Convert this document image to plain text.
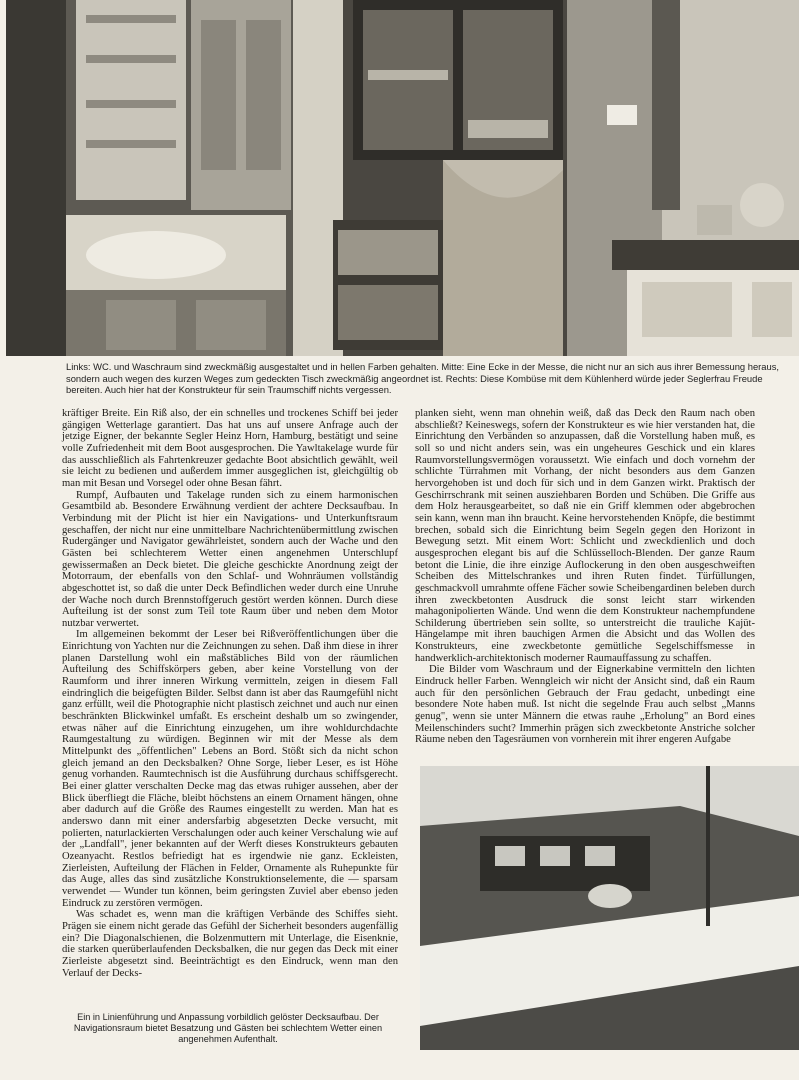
Links: WC. und Waschraum sind zweckmäßig ausgestaltet und in hellen Farben gehalten. Mitte: Eine Ecke in der Messe, die nicht nur an sich aus ihrer Bemessung heraus, sondern auch wegen des kurzen Weges zum gedeckten Tisch zweckmäßig angeordnet ist. Rechts: Diese Kombüse mit dem Kühlenherd würde jeder Seglerfrau Freude bereiten. Auch hier hat der Konstrukteur für sein Traumschiff nichts vergessen.

kräftiger Breite. Ein Riß also, der ein schnelles und trockenes Schiff bei jeder gängigen Wetterlage garantiert. Das hat uns auf unsere Anfrage auch der jetzige Eigner, der bekannte Segler Heinz Horn, Hamburg, bestätigt und seine volle Zufriedenheit mit dem Boot ausgesprochen. Die Yawltakelage wurde für das ausschließlich als Fahrtenkreuzer gedachte Boot absichtlich gewählt, weil sie leicht zu bedienen und außerdem immer ausgeglichen ist, gleichgültig ob man mit Besan und Vorsegel oder ohne Besan fährt.

Rumpf, Aufbauten und Takelage runden sich zu einem harmonischen Gesamtbild ab. Besondere Erwähnung verdient der achtere Decksaufbau. In Verbindung mit der Plicht ist hier ein Navigations- und Unterkunftsraum geschaffen, der nicht nur eine unmittelbare Nachrichtenübermittlung zwischen Rudergänger und Navigator gewährleistet, sondern auch der Wache und den Gästen bei schlechterem Wetter einen angenehmen Unterschlupf gewissermaßen an Deck bietet. Die gleiche geschickte Anordnung zeigt der Motorraum, der ebenfalls von den Schlaf- und Wohnräumen vollständig abgeschottet ist, so daß die unter Deck Befindlichen weder durch eine Unruhe der Wache noch durch Brennstoffgeruch gestört werden können. Durch diese Aufteilung ist der sonst zum Teil tote Raum über und neben dem Motor nutzbar verwertet.

Im allgemeinen bekommt der Leser bei Rißveröffentlichungen über die Einrichtung von Yachten nur die Zeichnungen zu sehen. Daß ihm diese in ihrer planen Darstellung wohl ein maßstäbliches Bild von der räumlichen Aufteilung des Schiffskörpers geben, aber keine Vorstellung von der Raumform und ihrer inneren Wirkung vermitteln, zeigen in diesem Fall eindringlich die beigefügten Bilder. Selbst dann ist aber das Raumgefühl nicht ganz erfüllt, weil die Photographie nicht plastisch zeichnet und auch nur einen beschränkten Blickwinkel umfaßt. Es erscheint deshalb um so zwingender, etwas näher auf die Einrichtung einzugehen, um ihre wohldurchdachte Raumgestaltung zu würdigen. Beginnen wir mit der Messe als dem Mittelpunkt des „öffentlichen" Lebens an Bord. Stößt sich da nicht schon gleich jemand an den Decksbalken? Ohne Sorge, lieber Leser, es ist Höhe genug vorhanden. Raumtechnisch ist die Ausführung durchaus schiffsgerecht. Bei einer glatter verschalten Decke mag das etwas ruhiger aussehen, aber der Blick überfliegt die Fläche, bleibt höchstens an einem Ornament hängen, ohne aber dadurch auf die Größe des Raumes eingestellt zu werden. Man hat es anderswo dann mit einer andersfarbig abgesetzten Decke versucht, mit polierten, naturlackierten Verschalungen oder auch keiner Verschalung wie auf der „Landfall", jener bekannten auf der Werft dieses Konstrukteurs gebauten Ozeanyacht. Restlos befriedigt hat es irgendwie nie ganz. Eckleisten, Zierleisten, Aufteilung der Flächen in Felder, Ornamente als Ruhepunkte für das Auge, alles das sind zusätzliche Konstruktionselemente, die — sparsam verwendet — Wunder tun können, beim geringsten Zuviel aber ebenso jeden Eindruck zu zerstören vermögen.

Was schadet es, wenn man die kräftigen Verbände des Schiffes sieht. Prägen sie einem nicht gerade das Gefühl der Sicherheit besonders augenfällig ein? Die Diagonalschienen, die Bolzenmuttern mit Unterlage, die Eisenknie, die starken querüberlaufenden Decksbalken, die nur gegen das Deck mit einer Zierleiste abgesetzt sind. Beeinträchtigt es den Eindruck, wenn man den Verlauf der Decks-

planken sieht, wenn man ohnehin weiß, daß das Deck den Raum nach oben abschließt? Keineswegs, sofern der Konstrukteur es wie hier verstanden hat, die Einrichtung den Verbänden so anzupassen, daß die Vorstellung haben muß, es soll so und nicht anders sein, was ein ungeheures Geschick und ein klares Raumvorstellungsvermögen voraussetzt. Wie einfach und doch vornehm der schlichte Türrahmen mit Vorhang, der nicht besonders aus dem Ganzen hervorgehoben ist und doch für sich und in dem Ganzen wirkt. Praktisch der Geschirrschrank mit seinen ausziehbaren Borden und Schüben. Die Griffe aus dem Holz herausgearbeitet, so daß nie ein Griff klemmen oder abgebrochen sein kann, wenn man ihn braucht. Keine hervorstehenden Knöpfe, die bestimmt brechen, sobald sich die Einrichtung beim Segeln gegen den Horizont in Bewegung setzt. Mit einem Wort: Schlicht und zweckdienlich und doch ausgesprochen elegant bis auf die Schlüsselloch-Blenden. Der ganze Raum betont die Linie, die ihre einzige Auflockerung in den oben ausgeschweiften Scheiben des Mittelschrankes und ihren Ruten findet. Türfüllungen, geschmackvoll umrahmte offene Fächer sowie Scheibengardinen beleben durch ihren zweckbetonten Ausdruck die sonst leicht starr wirkenden mahagonipolierten Wände. Und wenn die dem Konstrukteur nachempfundene Schilderung übertrieben sein sollte, so unterstreicht die trauliche Kajüt-Hängelampe mit ihren bauchigen Armen die Absicht und das Wollen des Konstrukteurs, eine zweckbetonte gemütliche Segelschiffsmesse in handwerklich-architektonisch moderner Raumauffassung zu schaffen.

Die Bilder vom Waschraum und der Eignerkabine vermitteln den lichten Eindruck heller Farben. Wenngleich wir nicht der Ansicht sind, daß ein Raum auch für den persönlichen Gebrauch der Frau gedacht, unbedingt eine besondere Note haben muß. Ist nicht die segelnde Frau auch selbst „Manns genug", wenn sie unter Männern die etwas rauhe „Erholung" an Bord eines Meilenschinders sucht? Immerhin prägen sich zweckbetonte Anstriche solcher Räume neben den Tagesräumen von vornherein mit ihrer engeren Aufgabe

Ein in Linienführung und Anpassung vorbildlich gelöster Decksaufbau. Der Navigationsraum bietet Besatzung und Gästen bei schlechtem Wetter einen angenehmen Aufenthalt.
